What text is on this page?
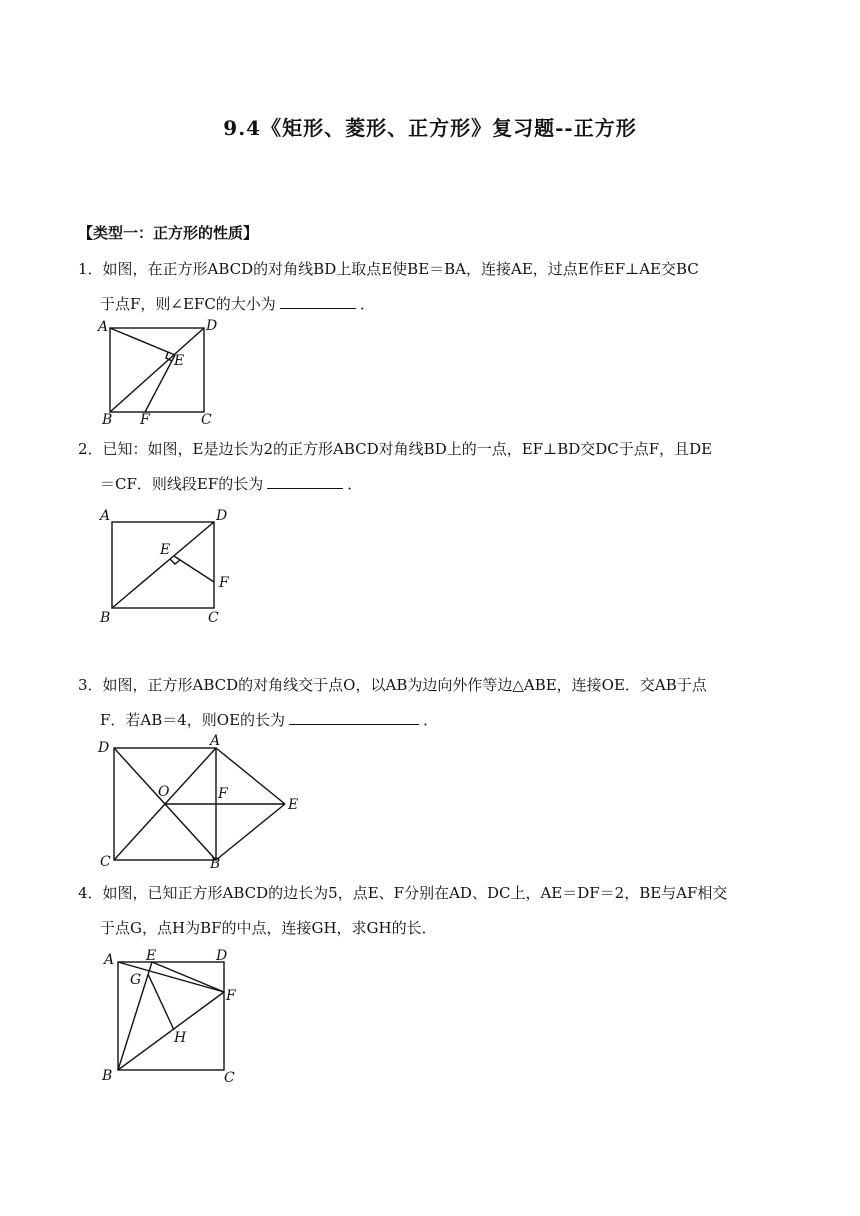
9.4《矩形、菱形、正方形》复习题--正方形
【类型一：正方形的性质】
1．如图，在正方形ABCD的对角线BD上取点E使BE＝BA，连接AE，过点E作EF⊥AE交BC
于点F，则∠EFC的大小为	．
A	D
E
B F	C
2．已知：如图，E是边长为2的正方形ABCD对角线BD上的一点，EF⊥BD交DC于点F，且DE
＝CF．则线段EF的长为	．
A	D
E
F
B	C
3．如图，正方形ABCD的对角线交于点O，以AB为边向外作等边△ABE，连接OE．交AB于点
F．若AB＝4，则OE的长为	．
D	A
O	F
E
C	B
4．如图，已知正方形ABCD的边长为5，点E、F分别在AD、DC上，AE＝DF＝2，BE与AF相交
于点G，点H为BF的中点，连接GH，求GH的长．
A E	D
G
F
H
B	C
